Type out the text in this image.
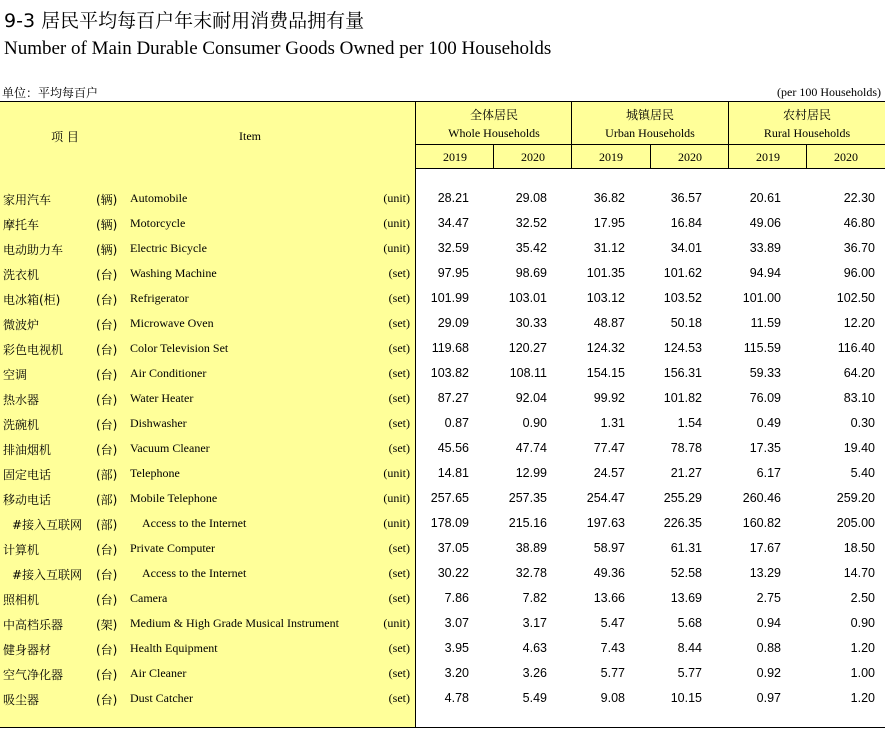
9-3 居民平均每百户年末耐用消费品拥有量
Number of Main Durable Consumer Goods Owned per 100 Households
单位：平均每百户	(per 100 Households)
项 目	Item
全体居民
Whole Households
城镇居民
Urban Households
农村居民
Rural Households
2019	2020	2019	2020	2019	2020
家用汽车	(辆) Automobile	(unit) 28.21	29.08	36.82	36.57	20.61	22.30
摩托车	(辆) Motorcycle	(unit) 34.47	32.52	17.95	16.84	49.06	46.80
电动助力车	(辆) Electric Bicycle	(unit) 32.59	35.42	31.12	34.01	33.89	36.70
洗衣机	(台) Washing Machine	(set) 97.95	98.69	101.35	101.62	94.94	96.00
电冰箱(柜)	(台) Refrigerator	(set) 101.99	103.01	103.12	103.52	101.00	102.50
微波炉	(台) Microwave Oven	(set) 29.09	30.33	48.87	50.18	11.59	12.20
彩色电视机	(台) Color Television Set	(set) 119.68	120.27	124.32	124.53	115.59	116.40
空调	(台) Air Conditioner	(set) 103.82	108.11	154.15	156.31	59.33	64.20
热水器	(台) Water Heater	(set) 87.27	92.04	99.92	101.82	76.09	83.10
洗碗机	(台) Dishwasher	(set)	0.87	0.90	1.31	1.54	0.49	0.30
排油烟机	(台) Vacuum Cleaner	(set) 45.56	47.74	77.47	78.78	17.35	19.40
固定电话	(部) Telephone	(unit) 14.81	12.99	24.57	21.27	6.17	5.40
移动电话	(部) Mobile Telephone	(unit) 257.65	257.35	254.47	255.29	260.46	259.20
#接入互联网 (部) Access to the Internet	(unit) 178.09	215.16	197.63	226.35	160.82	205.00
计算机	(台) Private Computer	(set) 37.05	38.89	58.97	61.31	17.67	18.50
#接入互联网 (台) Access to the Internet	(set) 30.22	32.78	49.36	52.58	13.29	14.70
照相机	(台) Camera	(set)	7.86	7.82	13.66	13.69	2.75	2.50
中高档乐器	(架) Medium & High Grade Musical Instrument	(unit)	3.07	3.17	5.47	5.68	0.94	0.90
健身器材	(台) Health Equipment	(set)	3.95	4.63	7.43	8.44	0.88	1.20
空气净化器	(台) Air Cleaner	(set)	3.20	3.26	5.77	5.77	0.92	1.00
吸尘器	(台) Dust Catcher	(set)	4.78	5.49	9.08	10.15	0.97	1.20
